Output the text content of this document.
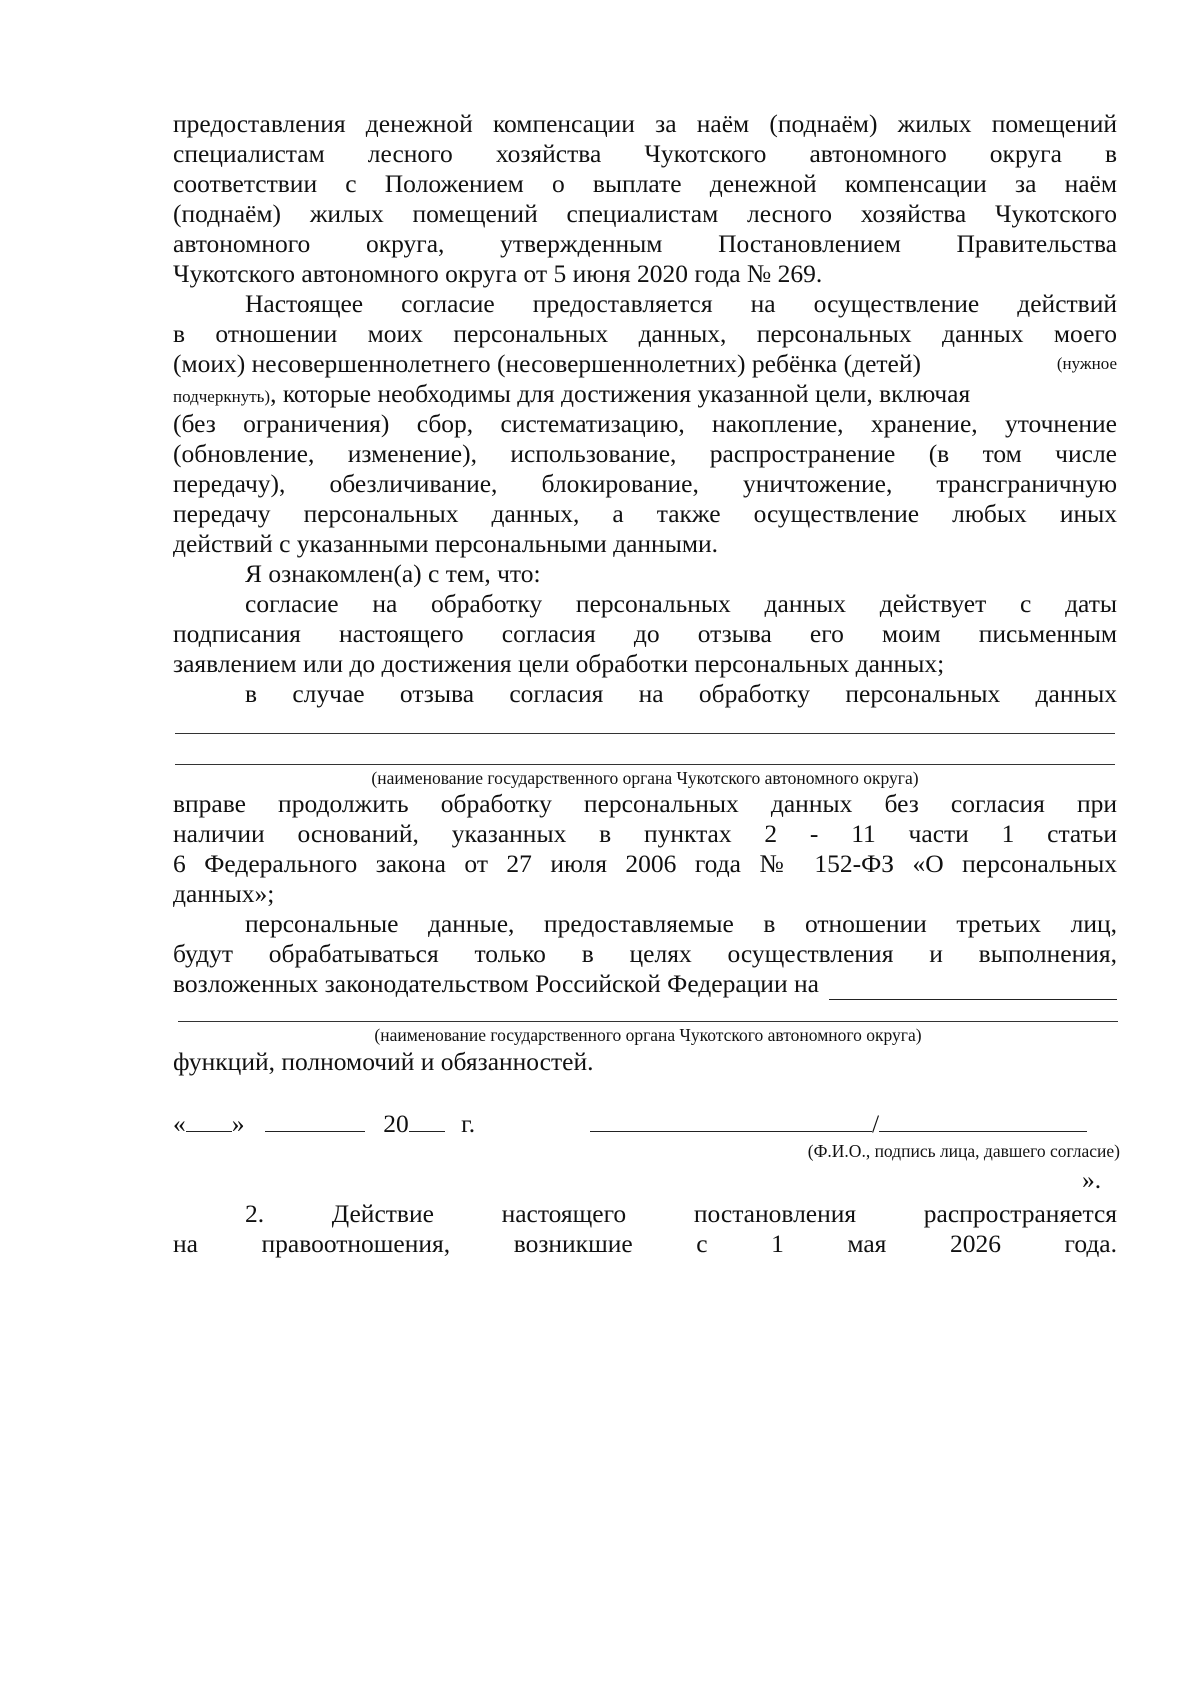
предоставления денежной компенсации за наём (поднаём) жилых помещений
специалистам лесного хозяйства Чукотского автономного округа в
соответствии с Положением о выплате денежной компенсации за наём
(поднаём) жилых помещений специалистам лесного хозяйства Чукотского
автономного округа, утвержденным Постановлением Правительства
Чукотского автономного округа от 5 июня 2020 года № 269.
Настоящее согласие предоставляется на осуществление действий
в отношении моих персональных данных, персональных данных моего
(моих) несовершеннолетнего (несовершеннолетних) ребёнка (детей)	(нужное
подчеркнуть), которые необходимы для достижения указанной цели, включая
(без ограничения) сбор, систематизацию, накопление, хранение, уточнение
(обновление, изменение), использование, распространение (в том числе
передачу), обезличивание, блокирование, уничтожение, трансграничную
передачу персональных данных, а также осуществление любых иных
действий с указанными персональными данными.
Я ознакомлен(а) с тем, что:
согласие на обработку персональных данных действует с даты
подписания настоящего согласия до отзыва его моим письменным
заявлением или до достижения цели обработки персональных данных;
в случае отзыва согласия на обработку персональных данных
(наименование государственного органа Чукотского автономного округа)
вправе продолжить обработку персональных данных без согласия при
наличии оснований, указанных в пунктах 2 - 11 части 1 статьи
6 Федерального закона от 27 июля 2006 года № 152-ФЗ «О персональных
данных»;
персональные данные, предоставляемые в отношении третьих лиц,
будут обрабатываться только в целях осуществления и выполнения,
возложенных законодательством Российской Федерации на
(наименование государственного органа Чукотского автономного округа)
функций, полномочий и обязанностей.
« »	20 г.	/
(Ф.И.О., подпись лица, давшего согласие)
».
2. Действие настоящего постановления распространяется
на правоотношения, возникшие с 1 мая 2026 года.
